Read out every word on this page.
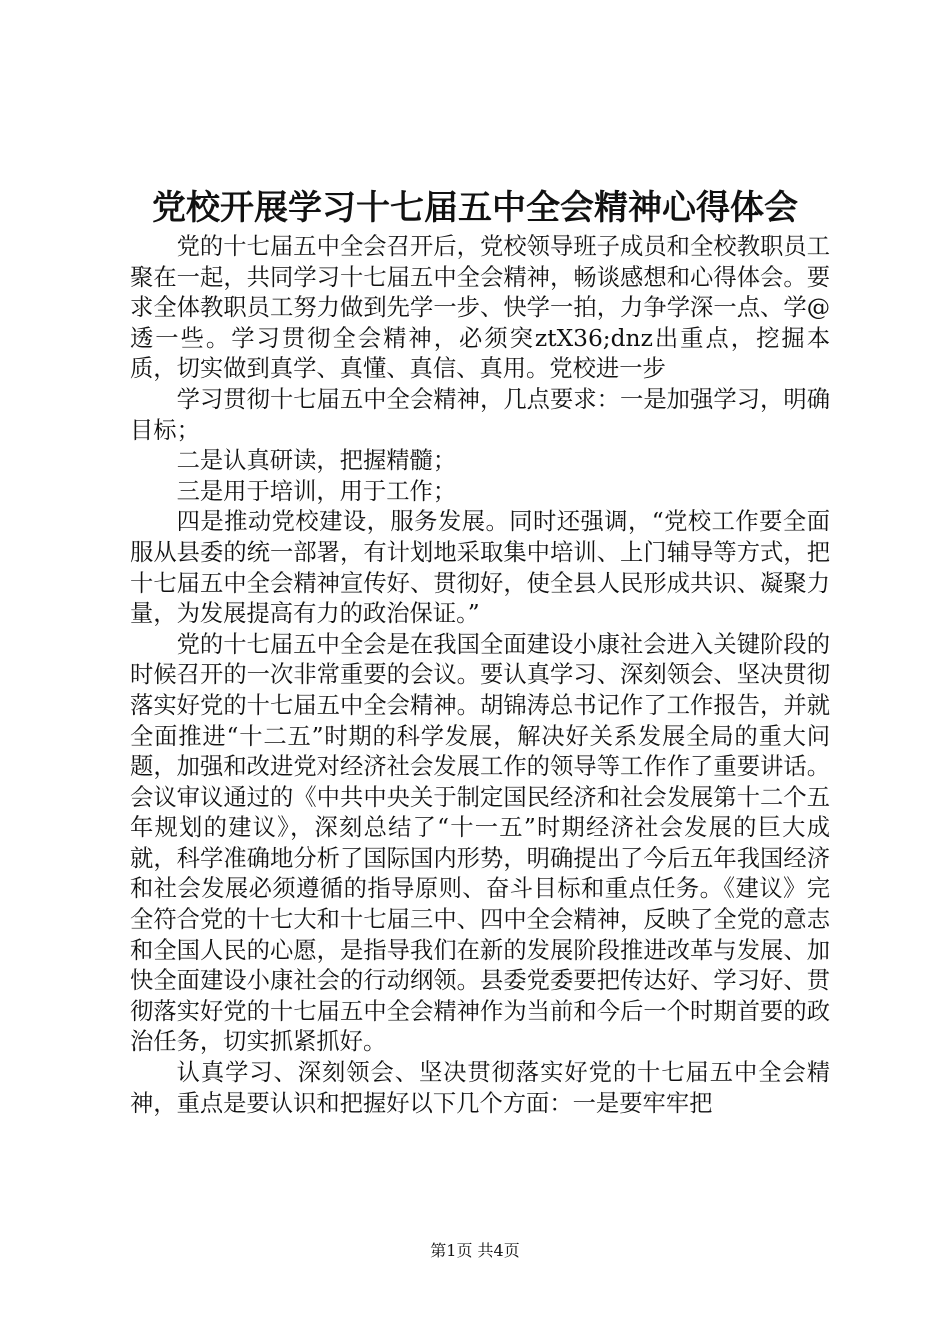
党校开展学习十七届五中全会精神心得体会

党的十七届五中全会召开后，党校领导班子成员和全校教职员工聚在一起，共同学习十七届五中全会精神，畅谈感想和心得体会。要求全体教职员工努力做到先学一步、快学一拍，力争学深一点、学@透一些。学习贯彻全会精神，必须突ztX36;dnz出重点，挖掘本质，切实做到真学、真懂、真信、真用。党校进一步

学习贯彻十七届五中全会精神，几点要求：一是加强学习，明确目标；

二是认真研读，把握精髓；

三是用于培训，用于工作；

四是推动党校建设，服务发展。同时还强调，“党校工作要全面服从县委的统一部署，有计划地采取集中培训、上门辅导等方式，把十七届五中全会精神宣传好、贯彻好，使全县人民形成共识、凝聚力量，为发展提高有力的政治保证。”

党的十七届五中全会是在我国全面建设小康社会进入关键阶段的时候召开的一次非常重要的会议。要认真学习、深刻领会、坚决贯彻落实好党的十七届五中全会精神。胡锦涛总书记作了工作报告，并就全面推进“十二五”时期的科学发展，解决好关系发展全局的重大问题，加强和改进党对经济社会发展工作的领导等工作作了重要讲话。会议审议通过的《中共中央关于制定国民经济和社会发展第十二个五年规划的建议》，深刻总结了“十一五”时期经济社会发展的巨大成就，科学准确地分析了国际国内形势，明确提出了今后五年我国经济和社会发展必须遵循的指导原则、奋斗目标和重点任务。《建议》完全符合党的十七大和十七届三中、四中全会精神，反映了全党的意志和全国人民的心愿，是指导我们在新的发展阶段推进改革与发展、加快全面建设小康社会的行动纲领。县委党委要把传达好、学习好、贯彻落实好党的十七届五中全会精神作为当前和今后一个时期首要的政治任务，切实抓紧抓好。

认真学习、深刻领会、坚决贯彻落实好党的十七届五中全会精神，重点是要认识和把握好以下几个方面：一是要牢牢把

第1页 共4页
